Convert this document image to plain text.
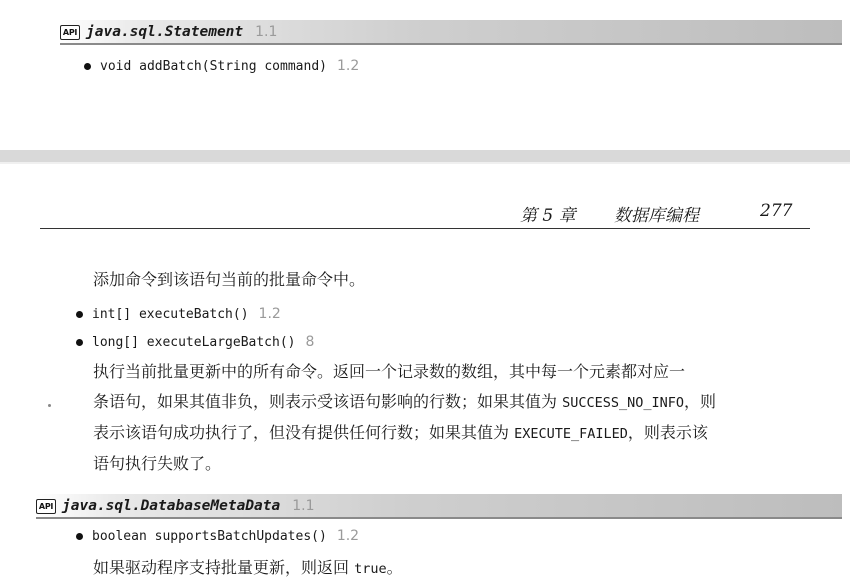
API java.sql.Statement 1.1
void addBatch(String command) 1.2
第 5 章 数据库编程	277
添加命令到该语句当前的批量命令中。
int[] executeBatch() 1.2
long[] executeLargeBatch() 8
执行当前批量更新中的所有命令。返回一个记录数的数组，其中每一个元素都对应一
条语句，如果其值非负，则表示受该语句影响的行数；如果其值为 SUCCESS_NO_INFO，则
表示该语句成功执行了，但没有提供任何行数；如果其值为 EXECUTE_FAILED，则表示该
语句执行失败了。
API java.sql.DatabaseMetaData 1.1
boolean supportsBatchUpdates() 1.2
如果驱动程序支持批量更新，则返回 true。
